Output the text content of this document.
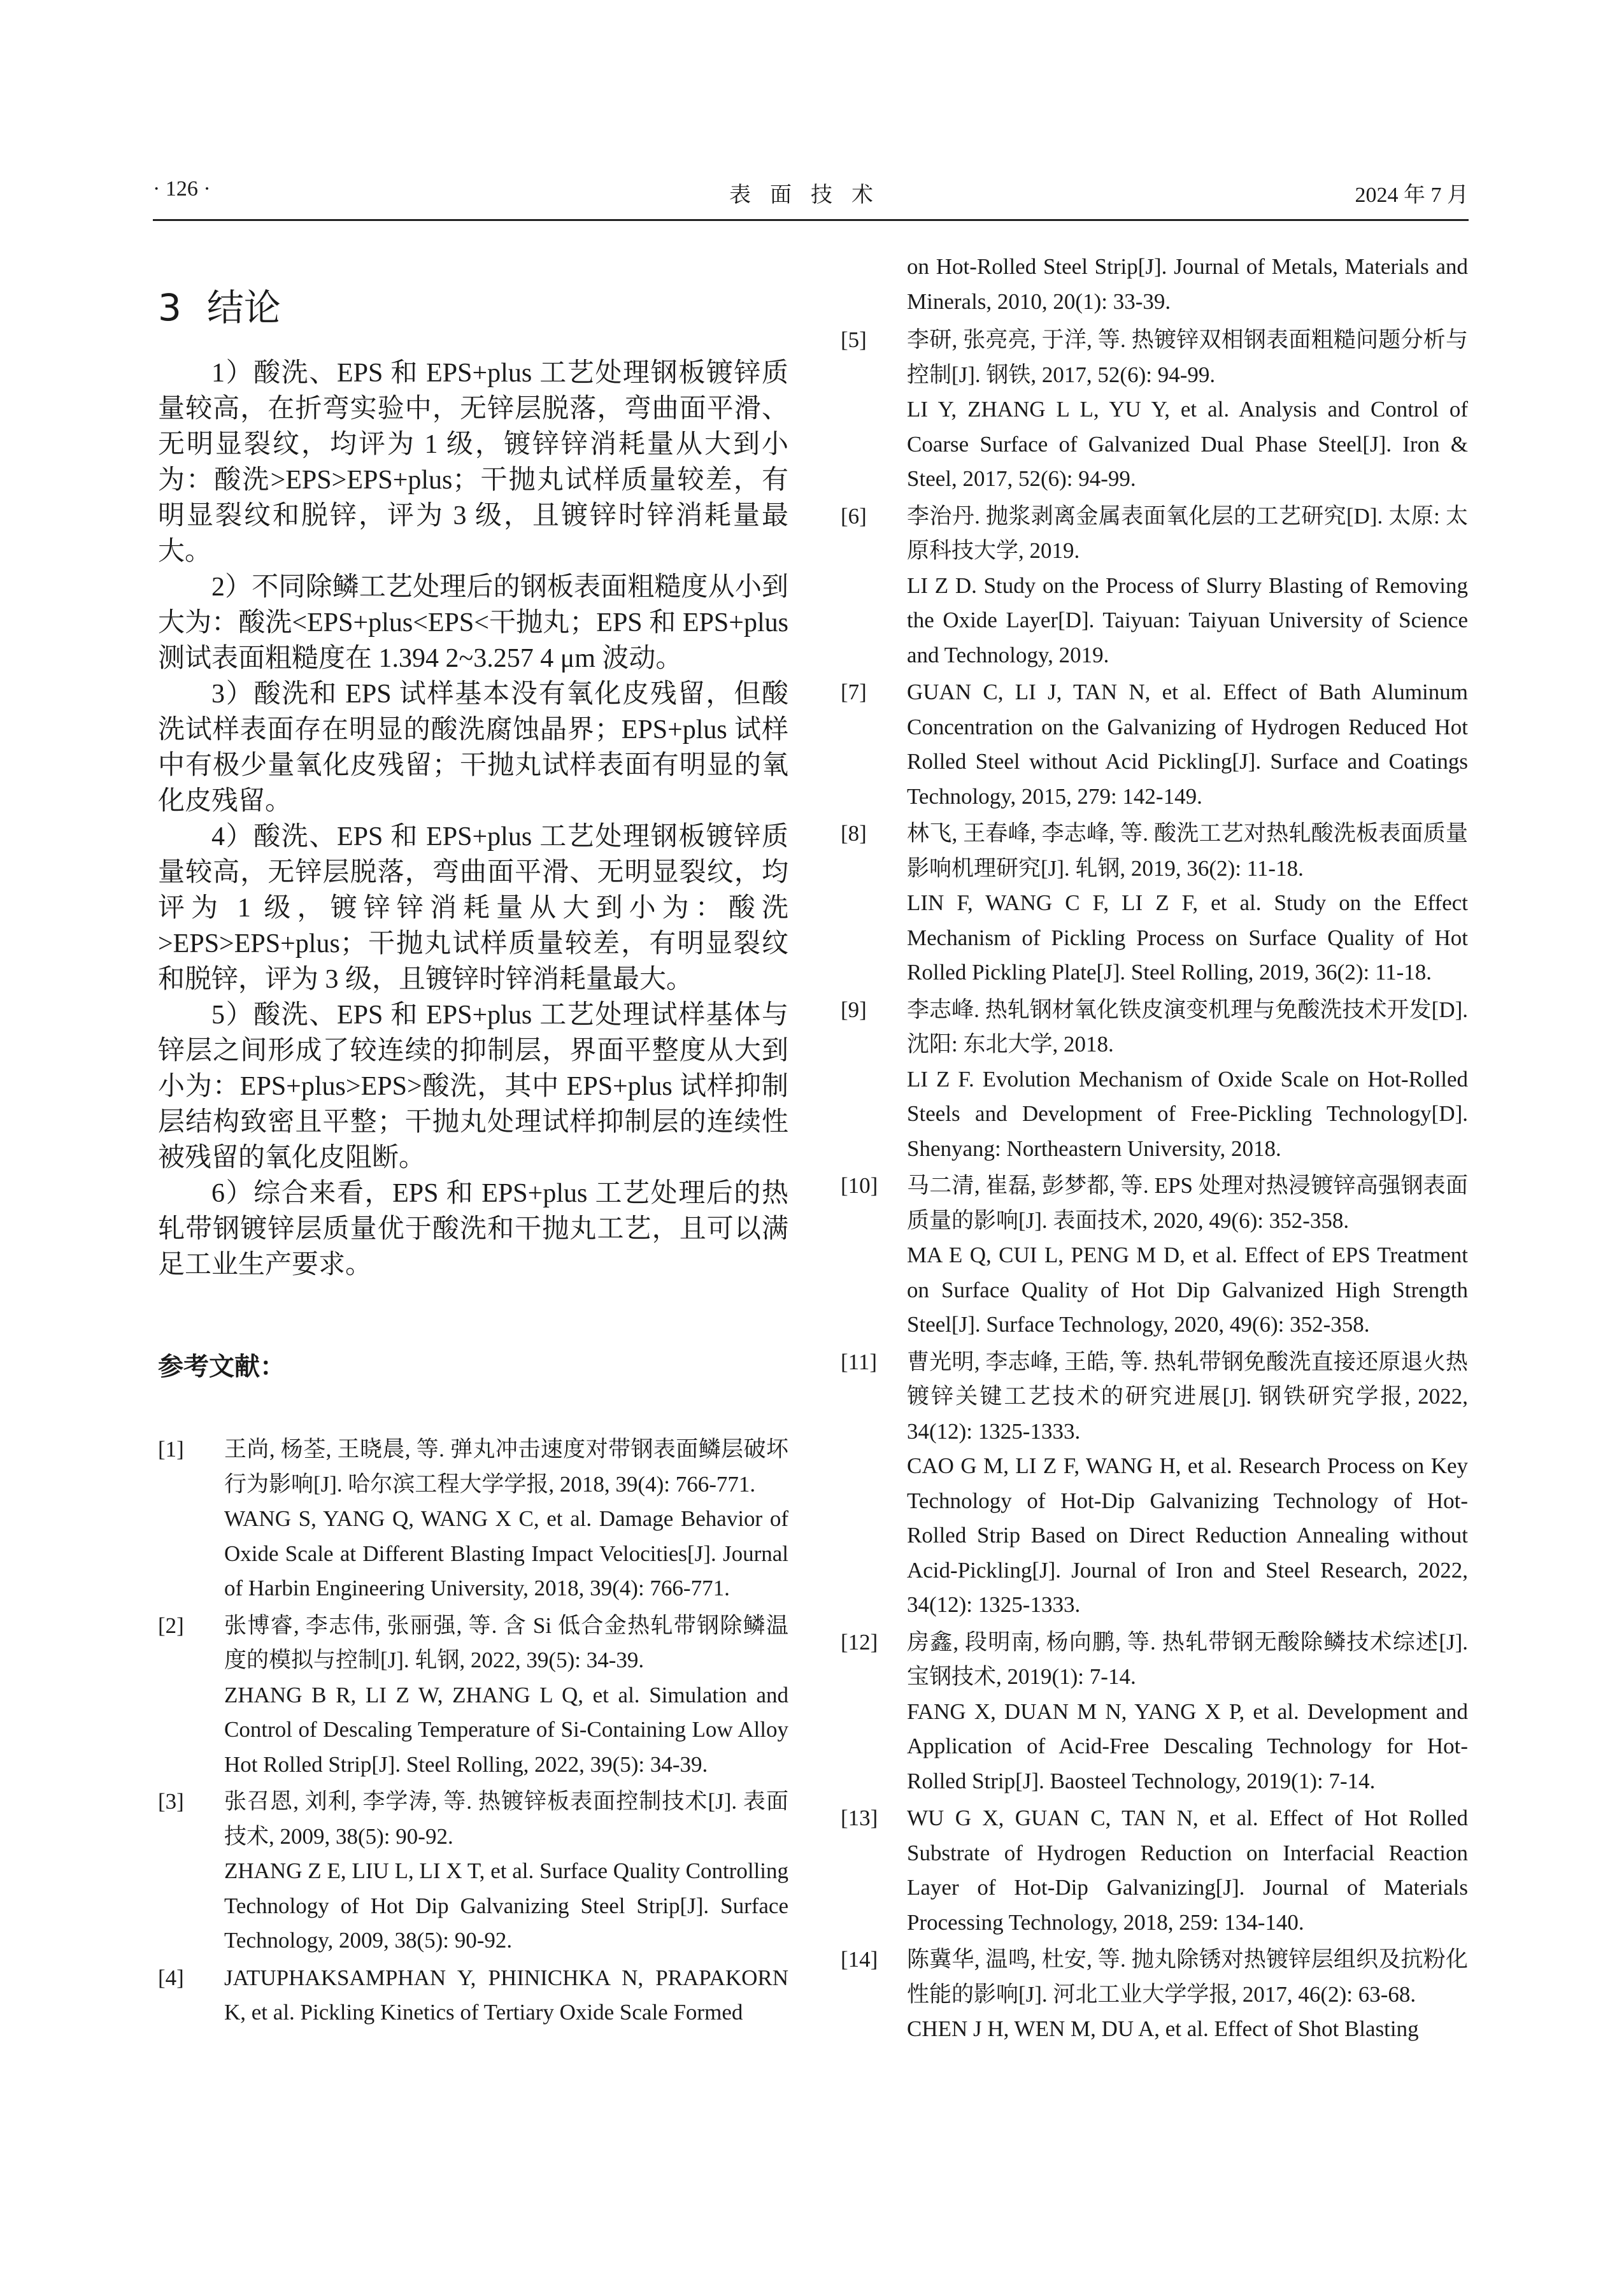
· 126 ·	表面技术	2024 年 7 月
3 结论

1）酸洗、EPS 和 EPS+plus 工艺处理钢板镀锌质量较高，在折弯实验中，无锌层脱落，弯曲面平滑、无明显裂纹，均评为 1 级，镀锌锌消耗量从大到小为：酸洗>EPS>EPS+plus；干抛丸试样质量较差，有明显裂纹和脱锌，评为 3 级，且镀锌时锌消耗量最大。

2）不同除鳞工艺处理后的钢板表面粗糙度从小到大为：酸洗<EPS+plus<EPS<干抛丸；EPS 和 EPS+plus 测试表面粗糙度在 1.394 2~3.257 4 μm 波动。

3）酸洗和 EPS 试样基本没有氧化皮残留，但酸洗试样表面存在明显的酸洗腐蚀晶界；EPS+plus 试样中有极少量氧化皮残留；干抛丸试样表面有明显的氧化皮残留。

4）酸洗、EPS 和 EPS+plus 工艺处理钢板镀锌质量较高，无锌层脱落，弯曲面平滑、无明显裂纹，均评为 1 级，镀锌锌消耗量从大到小为：酸洗>EPS>EPS+plus；干抛丸试样质量较差，有明显裂纹和脱锌，评为 3 级，且镀锌时锌消耗量最大。

5）酸洗、EPS 和 EPS+plus 工艺处理试样基体与锌层之间形成了较连续的抑制层，界面平整度从大到小为：EPS+plus>EPS>酸洗，其中 EPS+plus 试样抑制层结构致密且平整；干抛丸处理试样抑制层的连续性被残留的氧化皮阻断。

6）综合来看，EPS 和 EPS+plus 工艺处理后的热轧带钢镀锌层质量优于酸洗和干抛丸工艺，且可以满足工业生产要求。

参考文献：
[1] 王尚, 杨荃, 王晓晨, 等. 弹丸冲击速度对带钢表面鳞层破坏行为影响[J]. 哈尔滨工程大学学报, 2018, 39(4): 766-771.
WANG S, YANG Q, WANG X C, et al. Damage Behavior of Oxide Scale at Different Blasting Impact Velocities[J]. Journal of Harbin Engineering University, 2018, 39(4): 766-771.
[2] 张博睿, 李志伟, 张丽强, 等. 含 Si 低合金热轧带钢除鳞温度的模拟与控制[J]. 轧钢, 2022, 39(5): 34-39.
ZHANG B R, LI Z W, ZHANG L Q, et al. Simulation and Control of Descaling Temperature of Si-Containing Low Alloy Hot Rolled Strip[J]. Steel Rolling, 2022, 39(5): 34-39.
[3] 张召恩, 刘利, 李学涛, 等. 热镀锌板表面控制技术[J]. 表面技术, 2009, 38(5): 90-92.
ZHANG Z E, LIU L, LI X T, et al. Surface Quality Controlling Technology of Hot Dip Galvanizing Steel Strip[J]. Surface Technology, 2009, 38(5): 90-92.
[4] JATUPHAKSAMPHAN Y, PHINICHKA N, PRAPAKORN K, et al. Pickling Kinetics of Tertiary Oxide Scale Formed

on Hot-Rolled Steel Strip[J]. Journal of Metals, Materials and Minerals, 2010, 20(1): 33-39.

[5] 李研, 张亮亮, 于洋, 等. 热镀锌双相钢表面粗糙问题分析与控制[J]. 钢铁, 2017, 52(6): 94-99.
LI Y, ZHANG L L, YU Y, et al. Analysis and Control of Coarse Surface of Galvanized Dual Phase Steel[J]. Iron & Steel, 2017, 52(6): 94-99.
[6] 李治丹. 抛浆剥离金属表面氧化层的工艺研究[D]. 太原: 太原科技大学, 2019.
LI Z D. Study on the Process of Slurry Blasting of Removing the Oxide Layer[D]. Taiyuan: Taiyuan University of Science and Technology, 2019.
[7] GUAN C, LI J, TAN N, et al. Effect of Bath Aluminum Concentration on the Galvanizing of Hydrogen Reduced Hot Rolled Steel without Acid Pickling[J]. Surface and Coatings Technology, 2015, 279: 142-149.
[8] 林飞, 王春峰, 李志峰, 等. 酸洗工艺对热轧酸洗板表面质量影响机理研究[J]. 轧钢, 2019, 36(2): 11-18.
LIN F, WANG C F, LI Z F, et al. Study on the Effect Mechanism of Pickling Process on Surface Quality of Hot Rolled Pickling Plate[J]. Steel Rolling, 2019, 36(2): 11-18.
[9] 李志峰. 热轧钢材氧化铁皮演变机理与免酸洗技术开发[D]. 沈阳: 东北大学, 2018.
LI Z F. Evolution Mechanism of Oxide Scale on Hot-Rolled Steels and Development of Free-Pickling Technology[D]. Shenyang: Northeastern University, 2018.
[10] 马二清, 崔磊, 彭梦都, 等. EPS 处理对热浸镀锌高强钢表面质量的影响[J]. 表面技术, 2020, 49(6): 352-358.
MA E Q, CUI L, PENG M D, et al. Effect of EPS Treatment on Surface Quality of Hot Dip Galvanized High Strength Steel[J]. Surface Technology, 2020, 49(6): 352-358.
[11] 曹光明, 李志峰, 王皓, 等. 热轧带钢免酸洗直接还原退火热镀锌关键工艺技术的研究进展[J]. 钢铁研究学报, 2022, 34(12): 1325-1333.
CAO G M, LI Z F, WANG H, et al. Research Process on Key Technology of Hot-Dip Galvanizing Technology of Hot-Rolled Strip Based on Direct Reduction Annealing without Acid-Pickling[J]. Journal of Iron and Steel Research, 2022, 34(12): 1325-1333.
[12] 房鑫, 段明南, 杨向鹏, 等. 热轧带钢无酸除鳞技术综述[J]. 宝钢技术, 2019(1): 7-14.
FANG X, DUAN M N, YANG X P, et al. Development and Application of Acid-Free Descaling Technology for Hot-Rolled Strip[J]. Baosteel Technology, 2019(1): 7-14.
[13] WU G X, GUAN C, TAN N, et al. Effect of Hot Rolled Substrate of Hydrogen Reduction on Interfacial Reaction Layer of Hot-Dip Galvanizing[J]. Journal of Materials Processing Technology, 2018, 259: 134-140.
[14] 陈冀华, 温鸣, 杜安, 等. 抛丸除锈对热镀锌层组织及抗粉化性能的影响[J]. 河北工业大学学报, 2017, 46(2): 63-68.
CHEN J H, WEN M, DU A, et al. Effect of Shot Blasting
